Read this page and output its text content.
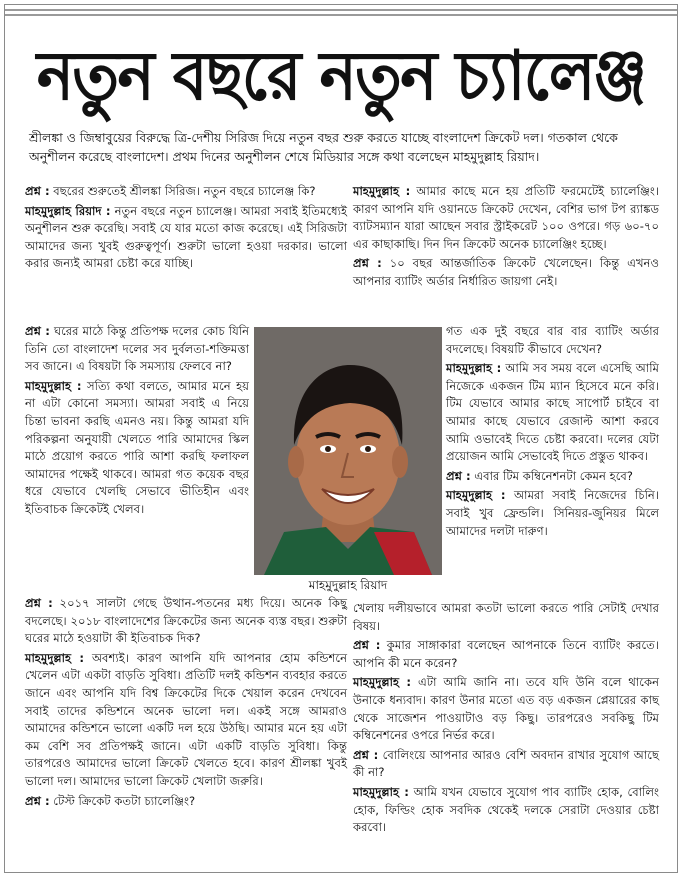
নতুন বছরে নতুন চ্যালেঞ্জ
শ্রীলঙ্কা ও জিম্বাবুয়ের বিরুদ্ধে ত্রি-দেশীয় সিরিজ দিয়ে নতুন বছর শুরু করতে যাচ্ছে বাংলাদেশ ক্রিকেট দল। গতকাল থেকে অনুশীলন করেছে বাংলাদেশ। প্রথম দিনের অনুশীলন শেষে মিডিয়ার সঙ্গে কথা বলেছেন মাহমুদুল্লাহ রিয়াদ।

প্রশ্ন : বছরের শুরুতেই শ্রীলঙ্কা সিরিজ। নতুন বছরে চ্যালেঞ্জ কি?

মাহমুদুল্লাহ রিয়াদ : নতুন বছরে নতুন চ্যালেঞ্জ। আমরা সবাই ইতিমধ্যেই অনুশীলন শুরু করেছি। সবাই যে যার মতো কাজ করেছে। এই সিরিজটা আমাদের জন্য খুবই গুরুত্বপূর্ণ। শুরুটা ভালো হওয়া দরকার। ভালো করার জন্যই আমরা চেষ্টা করে যাচ্ছি।

প্রশ্ন : ঘরের মাঠে কিন্তু প্রতিপক্ষ দলের কোচ যিনি তিনি তো বাংলাদেশ দলের সব দুর্বলতা-শক্তিমত্তা সব জানে। এ বিষয়টা কি সমস্যায় ফেলবে না?

মাহমুদুল্লাহ : সত্যি কথা বলতে, আমার মনে হয় না এটা কোনো সমস্যা। আমরা সবাই এ নিয়ে চিন্তা ভাবনা করছি এমনও নয়। কিন্তু আমরা যদি পরিকল্পনা অনুযায়ী খেলতে পারি আমাদের স্কিল মাঠে প্রয়োগ করতে পারি আশা করছি ফলাফল আমাদের পক্ষেই থাকবে। আমরা গত কয়েক বছর ধরে যেভাবে খেলছি সেভাবে ভীতিহীন এবং ইতিবাচক ক্রিকেটই খেলব।

প্রশ্ন : ২০১৭ সালটা গেছে উত্থান-পতনের মধ্য দিয়ে। অনেক কিছু বদলেছে। ২০১৮ বাংলাদেশের ক্রিকেটের জন্য অনেক ব্যস্ত বছর। শুরুটা ঘরের মাঠে হওয়াটা কী ইতিবাচক দিক?

মাহমুদুল্লাহ : অবশ্যই। কারণ আপনি যদি আপনার হোম কন্ডিশনে খেলেন এটা একটা বাড়তি সুবিধা। প্রতিটি দলই কন্ডিশন ব্যবহার করতে জানে এবং আপনি যদি বিশ্ব ক্রিকেটের দিকে খেয়াল করেন দেখবেন সবাই তাদের কন্ডিশনে অনেক ভালো দল। একই সঙ্গে আমরাও আমাদের কন্ডিশনে ভালো একটি দল হয়ে উঠছি। আমার মনে হয় এটা কম বেশি সব প্রতিপক্ষই জানে। এটা একটি বাড়তি সুবিধা। কিন্তু তারপরেও আমাদের ভালো ক্রিকেট খেলতে হবে। কারণ শ্রীলঙ্কা খুবই ভালো দল। আমাদের ভালো ক্রিকেট খেলাটা জরুরি।

প্রশ্ন : টেস্ট ক্রিকেট কতটা চ্যালেঞ্জিং?

মাহমুদুল্লাহ : আমার কাছে মনে হয় প্রতিটি ফরমেটেই চ্যালেঞ্জিং। কারণ আপনি যদি ওয়ানডে ক্রিকেট দেখেন, বেশির ভাগ টপ র‌্যাঙ্কড ব্যাটসম্যান যারা আছেন সবার স্ট্রাইকরেট ১০০ ওপরে। গড় ৬০-৭০ এর কাছাকাছি। দিন দিন ক্রিকেট অনেক চ্যালেঞ্জিং হচ্ছে।

প্রশ্ন : ১০ বছর আন্তর্জাতিক ক্রিকেট খেলেছেন। কিন্তু এখনও আপনার ব্যাটিং অর্ডার নির্ধারিত জায়গা নেই।

গত এক দুই বছরে বার বার ব্যাটিং অর্ডার বদলেছে। বিষয়টি কীভাবে দেখেন?

মাহমুদুল্লাহ : আমি সব সময় বলে এসেছি আমি নিজেকে একজন টিম ম্যান হিসেবে মনে করি। টিম যেভাবে আমার কাছে সাপোর্ট চাইবে বা আমার কাছে যেভাবে রেজাল্ট আশা করবে আমি ওভাবেই দিতে চেষ্টা করবো। দলের যেটা প্রয়োজন আমি সেভাবেই দিতে প্রস্তুত থাকব।

প্রশ্ন : এবার টিম কম্বিনেশনটা কেমন হবে?

মাহমুদুল্লাহ : আমরা সবাই নিজেদের চিনি। সবাই খুব ফ্রেন্ডলি। সিনিয়র-জুনিয়র মিলে আমাদের দলটা দারুণ।

খেলায় দলীয়ভাবে আমরা কতটা ভালো করতে পারি সেটাই দেখার বিষয়।

প্রশ্ন : কুমার সাঙ্গাকারা বলেছেন আপনাকে তিনে ব্যাটিং করতে। আপনি কী মনে করেন?

মাহমুদুল্লাহ : এটা আমি জানি না। তবে যদি উনি বলে থাকেন উনাকে ধন্যবাদ। কারণ উনার মতো এত বড় একজন প্লেয়ারের কাছ থেকে সাজেশন পাওয়াটাও বড় কিছু। তারপরেও সবকিছু টিম কম্বিনেশনের ওপরে নির্ভর করে।

প্রশ্ন : বোলিংয়ে আপনার আরও বেশি অবদান রাখার সুযোগ আছে কী না?

মাহমুদুল্লাহ : আমি যখন যেভাবে সুযোগ পাব ব্যাটিং হোক, বোলিং হোক, ফিল্ডিং হোক সবদিক থেকেই দলকে সেরাটা দেওয়ার চেষ্টা করবো।

মাহমুদুল্লাহ রিয়াদ
